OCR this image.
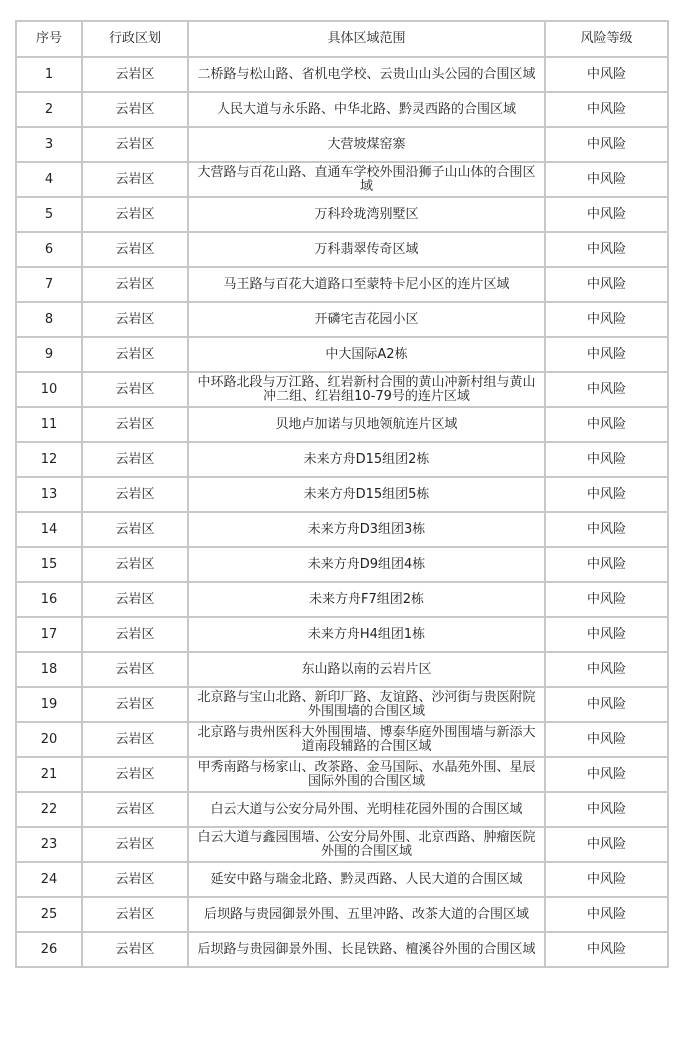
序号	行政区划	具体区域范围	风险等级
1	云岩区	二桥路与松山路、省机电学校、云贵山山头公园的合围区域	中风险
2	云岩区	人民大道与永乐路、中华北路、黔灵西路的合围区域	中风险
3	云岩区	大营坡煤窑寨	中风险
4	云岩区	大营路与百花山路、直通车学校外围沿狮子山山体的合围区域	中风险
5	云岩区	万科玲珑湾别墅区	中风险
6	云岩区	万科翡翠传奇区域	中风险
7	云岩区	马王路与百花大道路口至蒙特卡尼小区的连片区域	中风险
8	云岩区	开磷宅吉花园小区	中风险
9	云岩区	中大国际A2栋	中风险
10	云岩区	中环路北段与万江路、红岩新村合围的黄山冲新村组与黄山冲二组、红岩组10-79号的连片区域	中风险
11	云岩区	贝地卢加诺与贝地领航连片区域	中风险
12	云岩区	未来方舟D15组团2栋	中风险
13	云岩区	未来方舟D15组团5栋	中风险
14	云岩区	未来方舟D3组团3栋	中风险
15	云岩区	未来方舟D9组团4栋	中风险
16	云岩区	未来方舟F7组团2栋	中风险
17	云岩区	未来方舟H4组团1栋	中风险
18	云岩区	东山路以南的云岩片区	中风险
19	云岩区	北京路与宝山北路、新印厂路、友谊路、沙河街与贵医附院外围围墙的合围区域	中风险
20	云岩区	北京路与贵州医科大外围围墙、博泰华庭外围围墙与新添大道南段辅路的合围区域	中风险
21	云岩区	甲秀南路与杨家山、改茶路、金马国际、水晶苑外围、星辰国际外围的合围区域	中风险
22	云岩区	白云大道与公安分局外围、光明桂花园外围的合围区域	中风险
23	云岩区	白云大道与鑫园围墙、公安分局外围、北京西路、肿瘤医院外围的合围区域	中风险
24	云岩区	延安中路与瑞金北路、黔灵西路、人民大道的合围区域	中风险
25	云岩区	后坝路与贵园御景外围、五里冲路、改茶大道的合围区域	中风险
26	云岩区	后坝路与贵园御景外围、长昆铁路、檀溪谷外围的合围区域	中风险
